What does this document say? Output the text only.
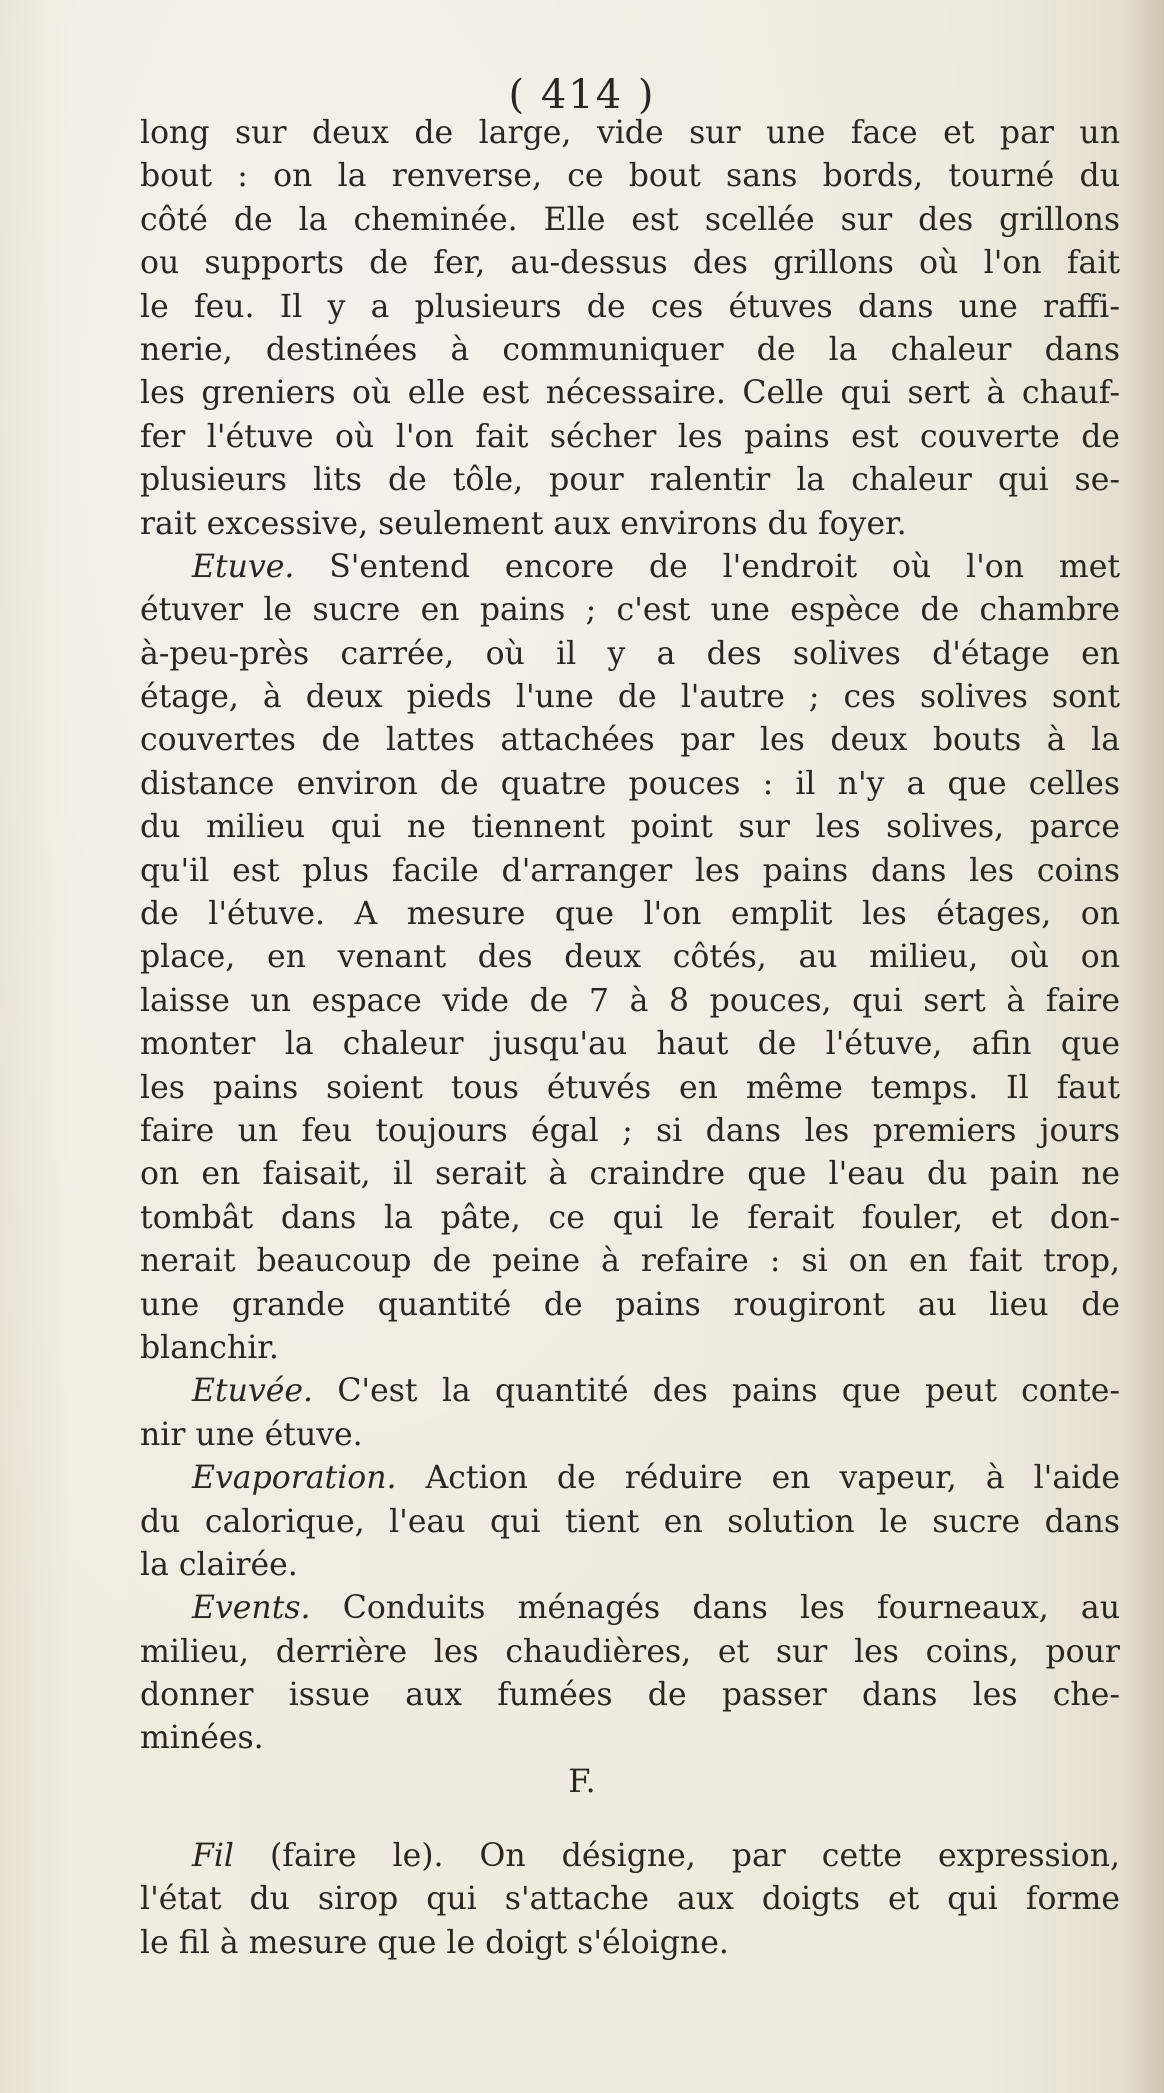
( 414 )
long sur deux de large, vide sur une face et par un
bout : on la renverse, ce bout sans bords, tourné du
côté de la cheminée. Elle est scellée sur des grillons
ou supports de fer, au-dessus des grillons où l'on fait
le feu. Il y a plusieurs de ces étuves dans une raffi-
nerie, destinées à communiquer de la chaleur dans
les greniers où elle est nécessaire. Celle qui sert à chauf-
fer l'étuve où l'on fait sécher les pains est couverte de
plusieurs lits de tôle, pour ralentir la chaleur qui se-
rait excessive, seulement aux environs du foyer.
Etuve. S'entend encore de l'endroit où l'on met
étuver le sucre en pains ; c'est une espèce de chambre
à-peu-près carrée, où il y a des solives d'étage en
étage, à deux pieds l'une de l'autre ; ces solives sont
couvertes de lattes attachées par les deux bouts à la
distance environ de quatre pouces : il n'y a que celles
du milieu qui ne tiennent point sur les solives, parce
qu'il est plus facile d'arranger les pains dans les coins
de l'étuve. A mesure que l'on emplit les étages, on
place, en venant des deux côtés, au milieu, où on
laisse un espace vide de 7 à 8 pouces, qui sert à faire
monter la chaleur jusqu'au haut de l'étuve, afin que
les pains soient tous étuvés en même temps. Il faut
faire un feu toujours égal ; si dans les premiers jours
on en faisait, il serait à craindre que l'eau du pain ne
tombât dans la pâte, ce qui le ferait fouler, et don-
nerait beaucoup de peine à refaire : si on en fait trop,
une grande quantité de pains rougiront au lieu de
blanchir.
Etuvée. C'est la quantité des pains que peut conte-
nir une étuve.
Evaporation. Action de réduire en vapeur, à l'aide
du calorique, l'eau qui tient en solution le sucre dans
la clairée.
Events. Conduits ménagés dans les fourneaux, au
milieu, derrière les chaudières, et sur les coins, pour
donner issue aux fumées de passer dans les che-
minées.
F.
Fil (faire le). On désigne, par cette expression,
l'état du sirop qui s'attache aux doigts et qui forme
le fil à mesure que le doigt s'éloigne.
